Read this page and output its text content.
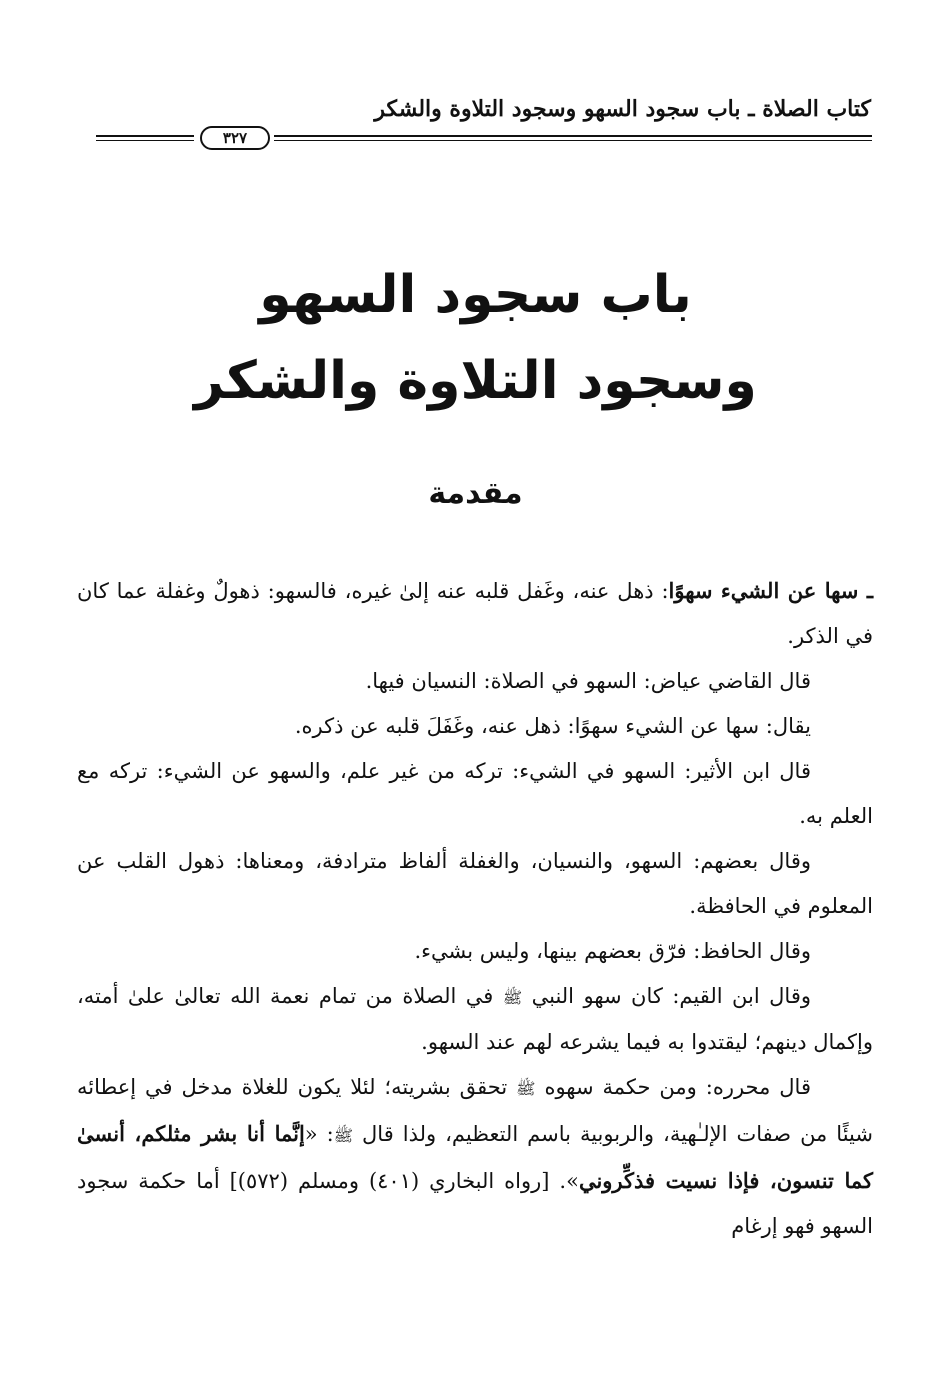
كتاب الصلاة ـ باب سجود السهو وسجود التلاوة والشكر
٣٢٧
باب سجود السهو
وسجود التلاوة والشكر
مقدمة

ـ سها عن الشيء سهوًا: ذهل عنه، وغَفل قلبه عنه إلىٰ غيره، فالسهو: ذهولٌ وغفلة عما كان في الذكر.

قال القاضي عياض: السهو في الصلاة: النسيان فيها.

يقال: سها عن الشيء سهوًا: ذهل عنه، وغَفَلَ قلبه عن ذكره.

قال ابن الأثير: السهو في الشيء: تركه من غير علم، والسهو عن الشيء: تركه مع العلم به.

وقال بعضهم: السهو، والنسيان، والغفلة ألفاظ مترادفة، ومعناها: ذهول القلب عن المعلوم في الحافظة.

وقال الحافظ: فرّق بعضهم بينها، وليس بشيء.

وقال ابن القيم: كان سهو النبي ﷺ في الصلاة من تمام نعمة الله تعالىٰ علىٰ أمته، وإكمال دينهم؛ ليقتدوا به فيما يشرعه لهم عند السهو.

قال محرره: ومن حكمة سهوه ﷺ تحقق بشريته؛ لئلا يكون للغلاة مدخل في إعطائه شيئًا من صفات الإلـٰهية، والربوبية باسم التعظيم، ولذا قال ﷺ: «إنَّما أنا بشر مثلكم، أنسىٰ كما تنسون، فإذا نسيت فذكِّروني». [رواه البخاري (٤٠١) ومسلم (٥٧٢)] أما حكمة سجود السهو فهو إرغام
